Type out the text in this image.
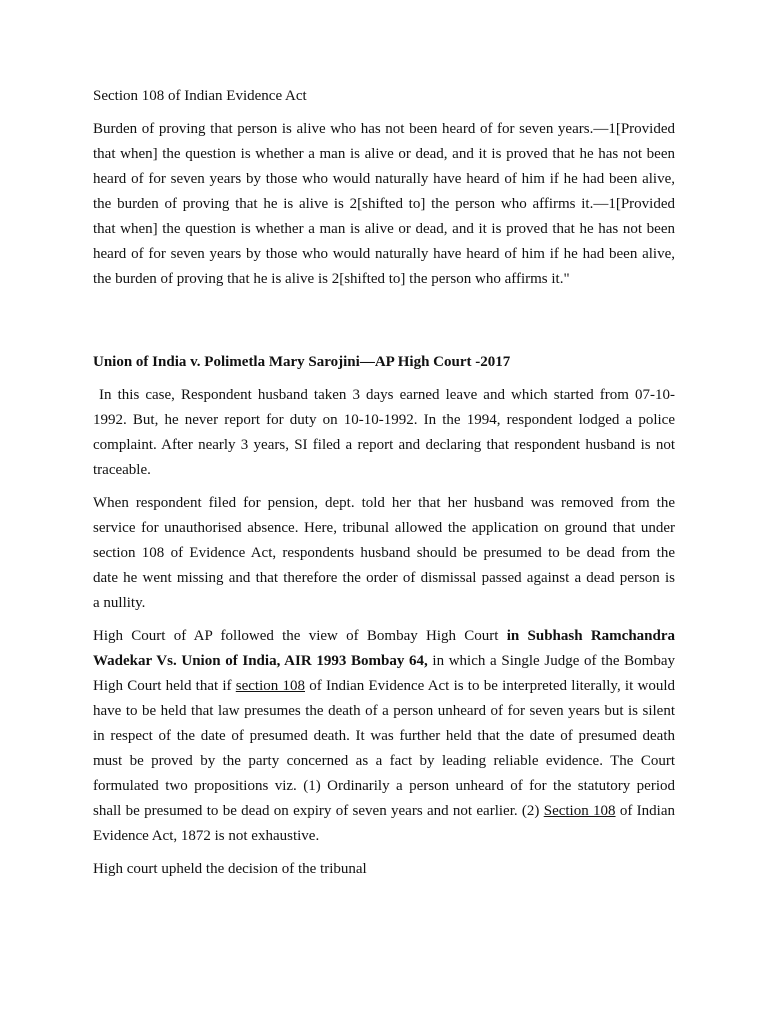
Section 108 of Indian Evidence Act
Burden of proving that person is alive who has not been heard of for seven years.—1[Provided
that when] the question is whether a man is alive or dead, and it is proved that he has not been
heard of for seven years by those who would naturally have heard of him if he had been alive,
the burden of proving that he is alive is 2[shifted to] the person who affirms it.—1[Provided
that when] the question is whether a man is alive or dead, and it is proved that he has not been
heard of for seven years by those who would naturally have heard of him if he had been alive,
the burden of proving that he is alive is 2[shifted to] the person who affirms it."
Union of India v. Polimetla Mary Sarojini—AP High Court -2017
In this case, Respondent husband taken 3 days earned leave and which started from 07-10-
1992. But, he never report for duty on 10-10-1992. In the 1994, respondent lodged a police
complaint. After nearly 3 years, SI filed a report and declaring that respondent husband is not
traceable.
When respondent filed for pension, dept. told her that her husband was removed from the
service for unauthorised absence. Here, tribunal allowed the application on ground that under
section 108 of Evidence Act, respondents husband should be presumed to be dead from the
date he went missing and that therefore the order of dismissal passed against a dead person is
a nullity.
High Court of AP followed the view of Bombay High Court in Subhash Ramchandra
Wadekar Vs. Union of India, AIR 1993 Bombay 64, in which a Single Judge of the Bombay
High Court held that if section 108 of Indian Evidence Act is to be interpreted literally, it would
have to be held that law presumes the death of a person unheard of for seven years but is silent
in respect of the date of presumed death. It was further held that the date of presumed death
must be proved by the party concerned as a fact by leading reliable evidence. The Court
formulated two propositions viz. (1) Ordinarily a person unheard of for the statutory period
shall be presumed to be dead on expiry of seven years and not earlier. (2) Section 108 of Indian
Evidence Act, 1872 is not exhaustive.
High court upheld the decision of the tribunal
